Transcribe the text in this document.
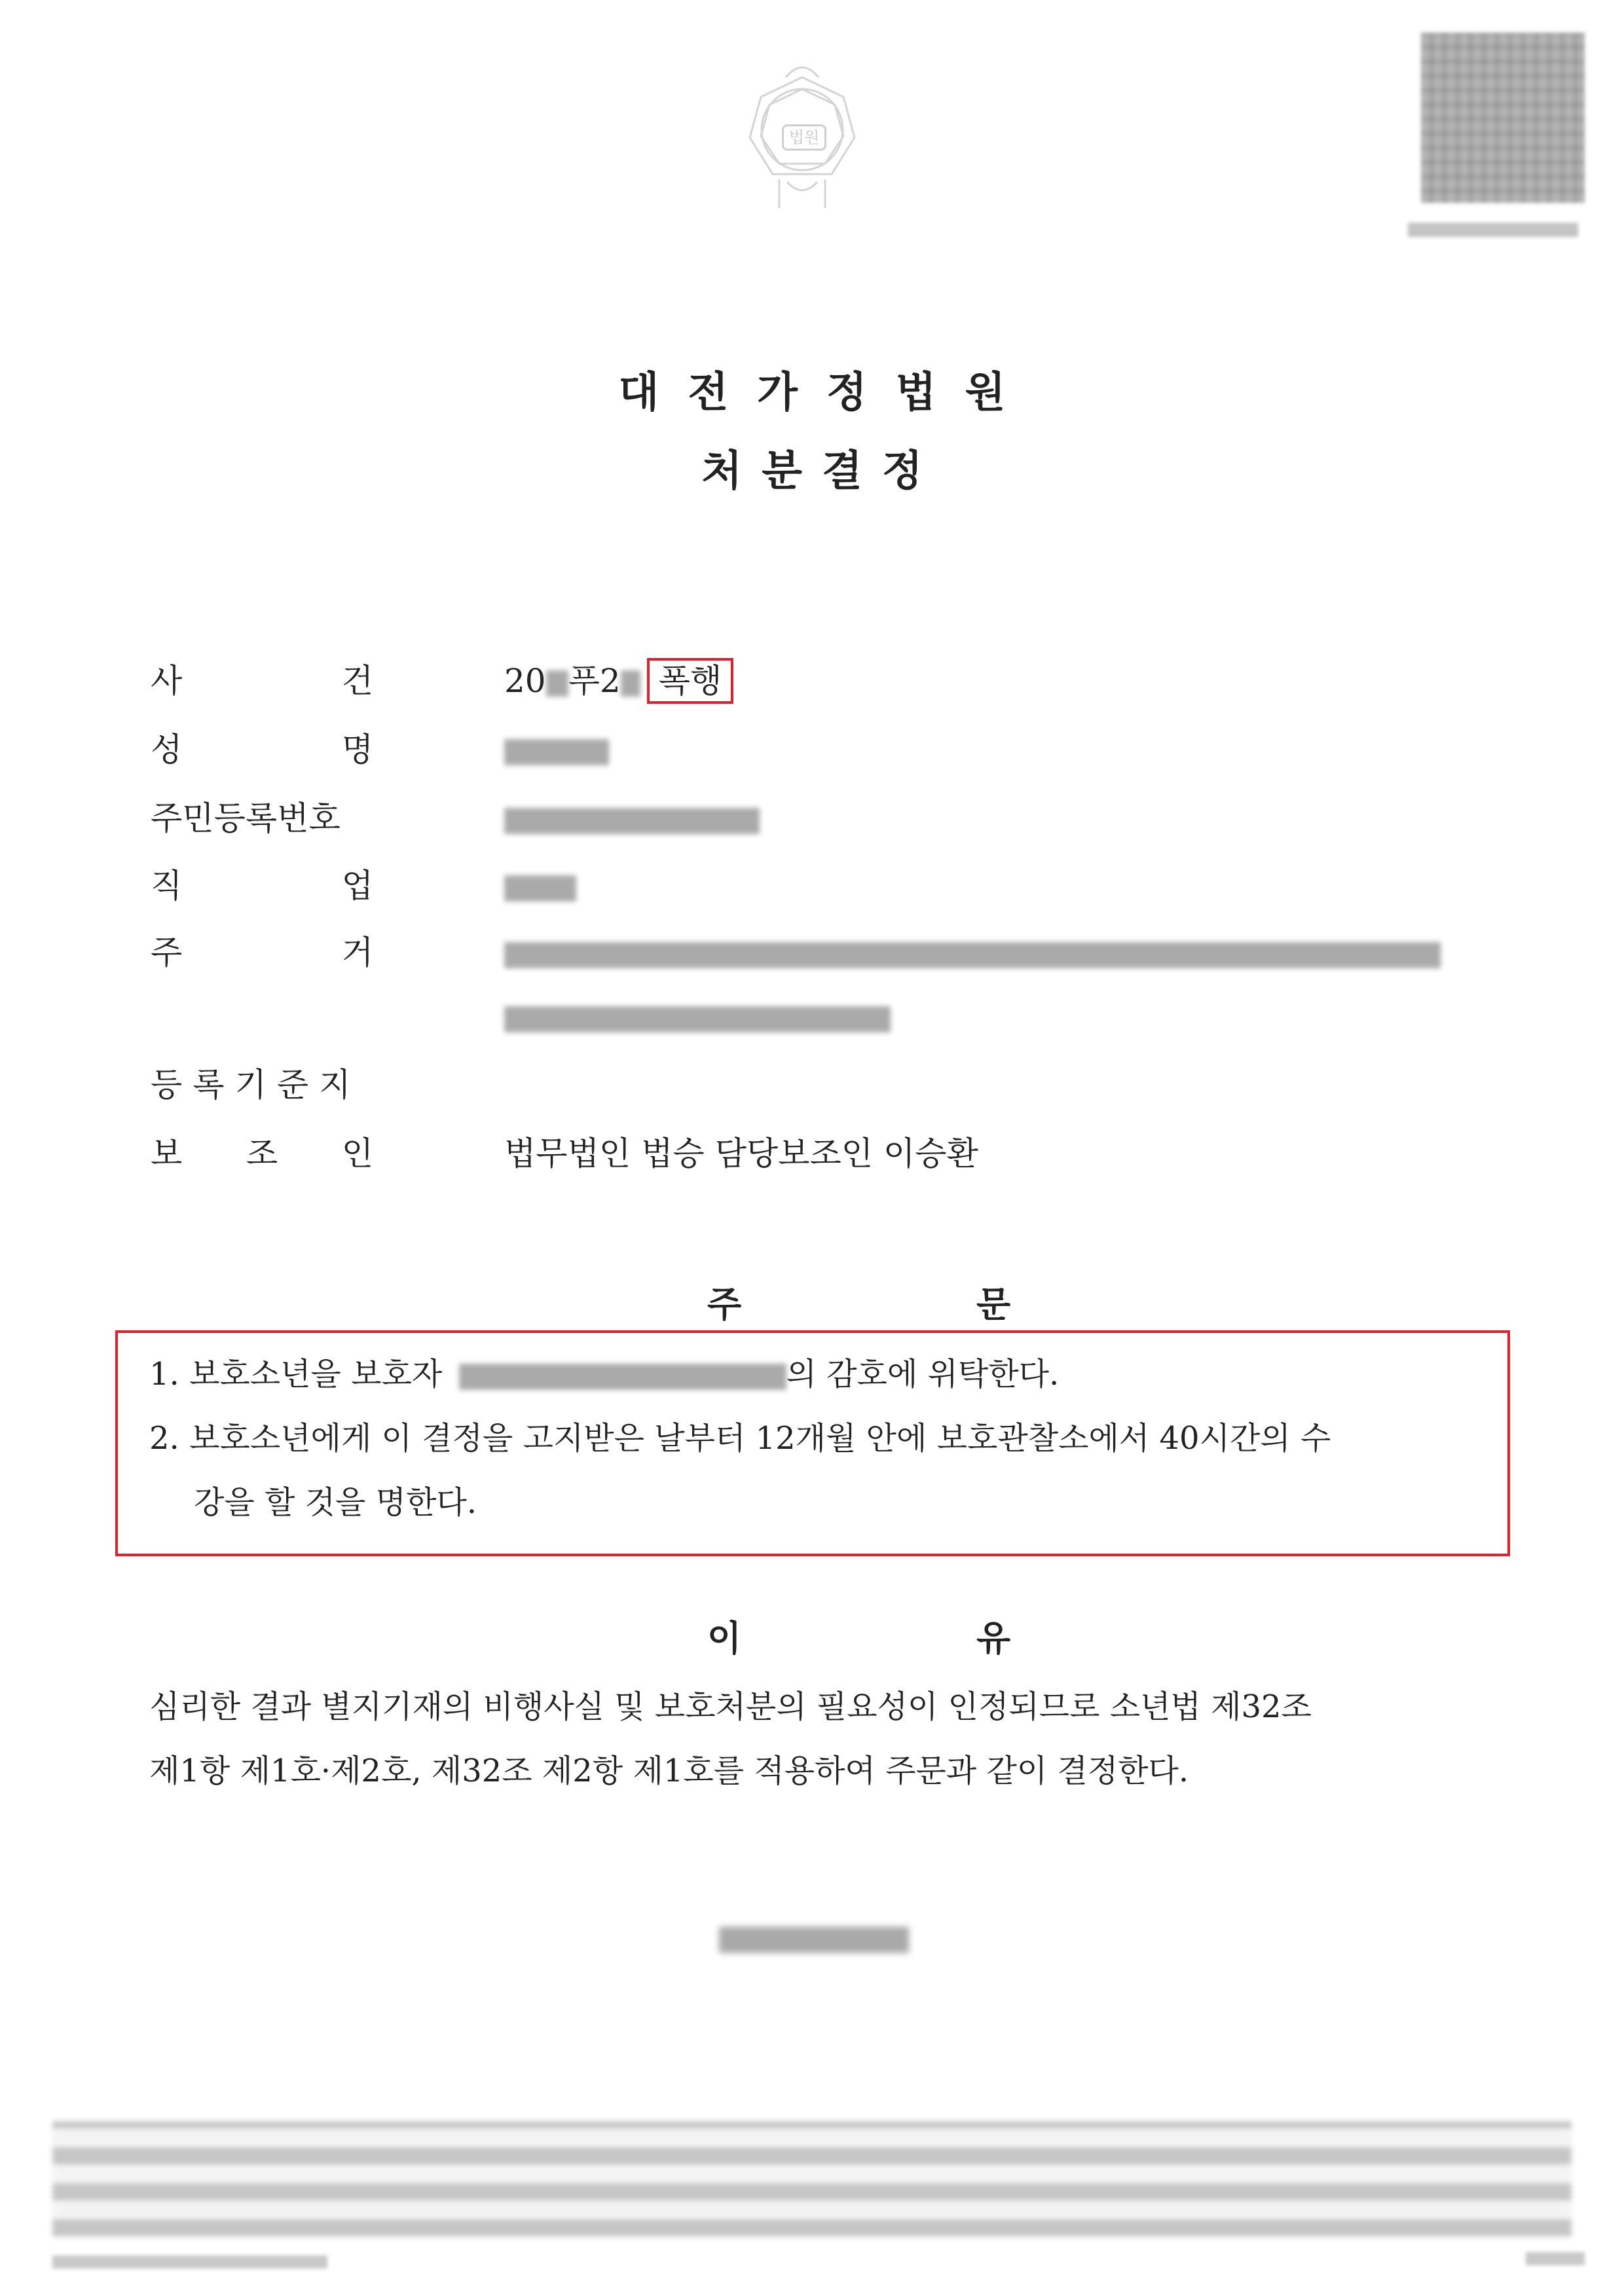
법원
대전가정법원
처분결정
사	건	20 푸2 폭행
성	명
주민등록번호
직	업
주	거
등록기준지
보 조 인	법무법인 법승 담당보조인 이승환
주 문
1. 보호소년을 보호자	의 감호에 위탁한다.
2. 보호소년에게 이 결정을 고지받은 날부터 12개월 안에 보호관찰소에서 40시간의 수
강을 할 것을 명한다.
이 유
심리한 결과 별지기재의 비행사실 및 보호처분의 필요성이 인정되므로 소년법 제32조
제1항 제1호·제2호, 제32조 제2항 제1호를 적용하여 주문과 같이 결정한다.
